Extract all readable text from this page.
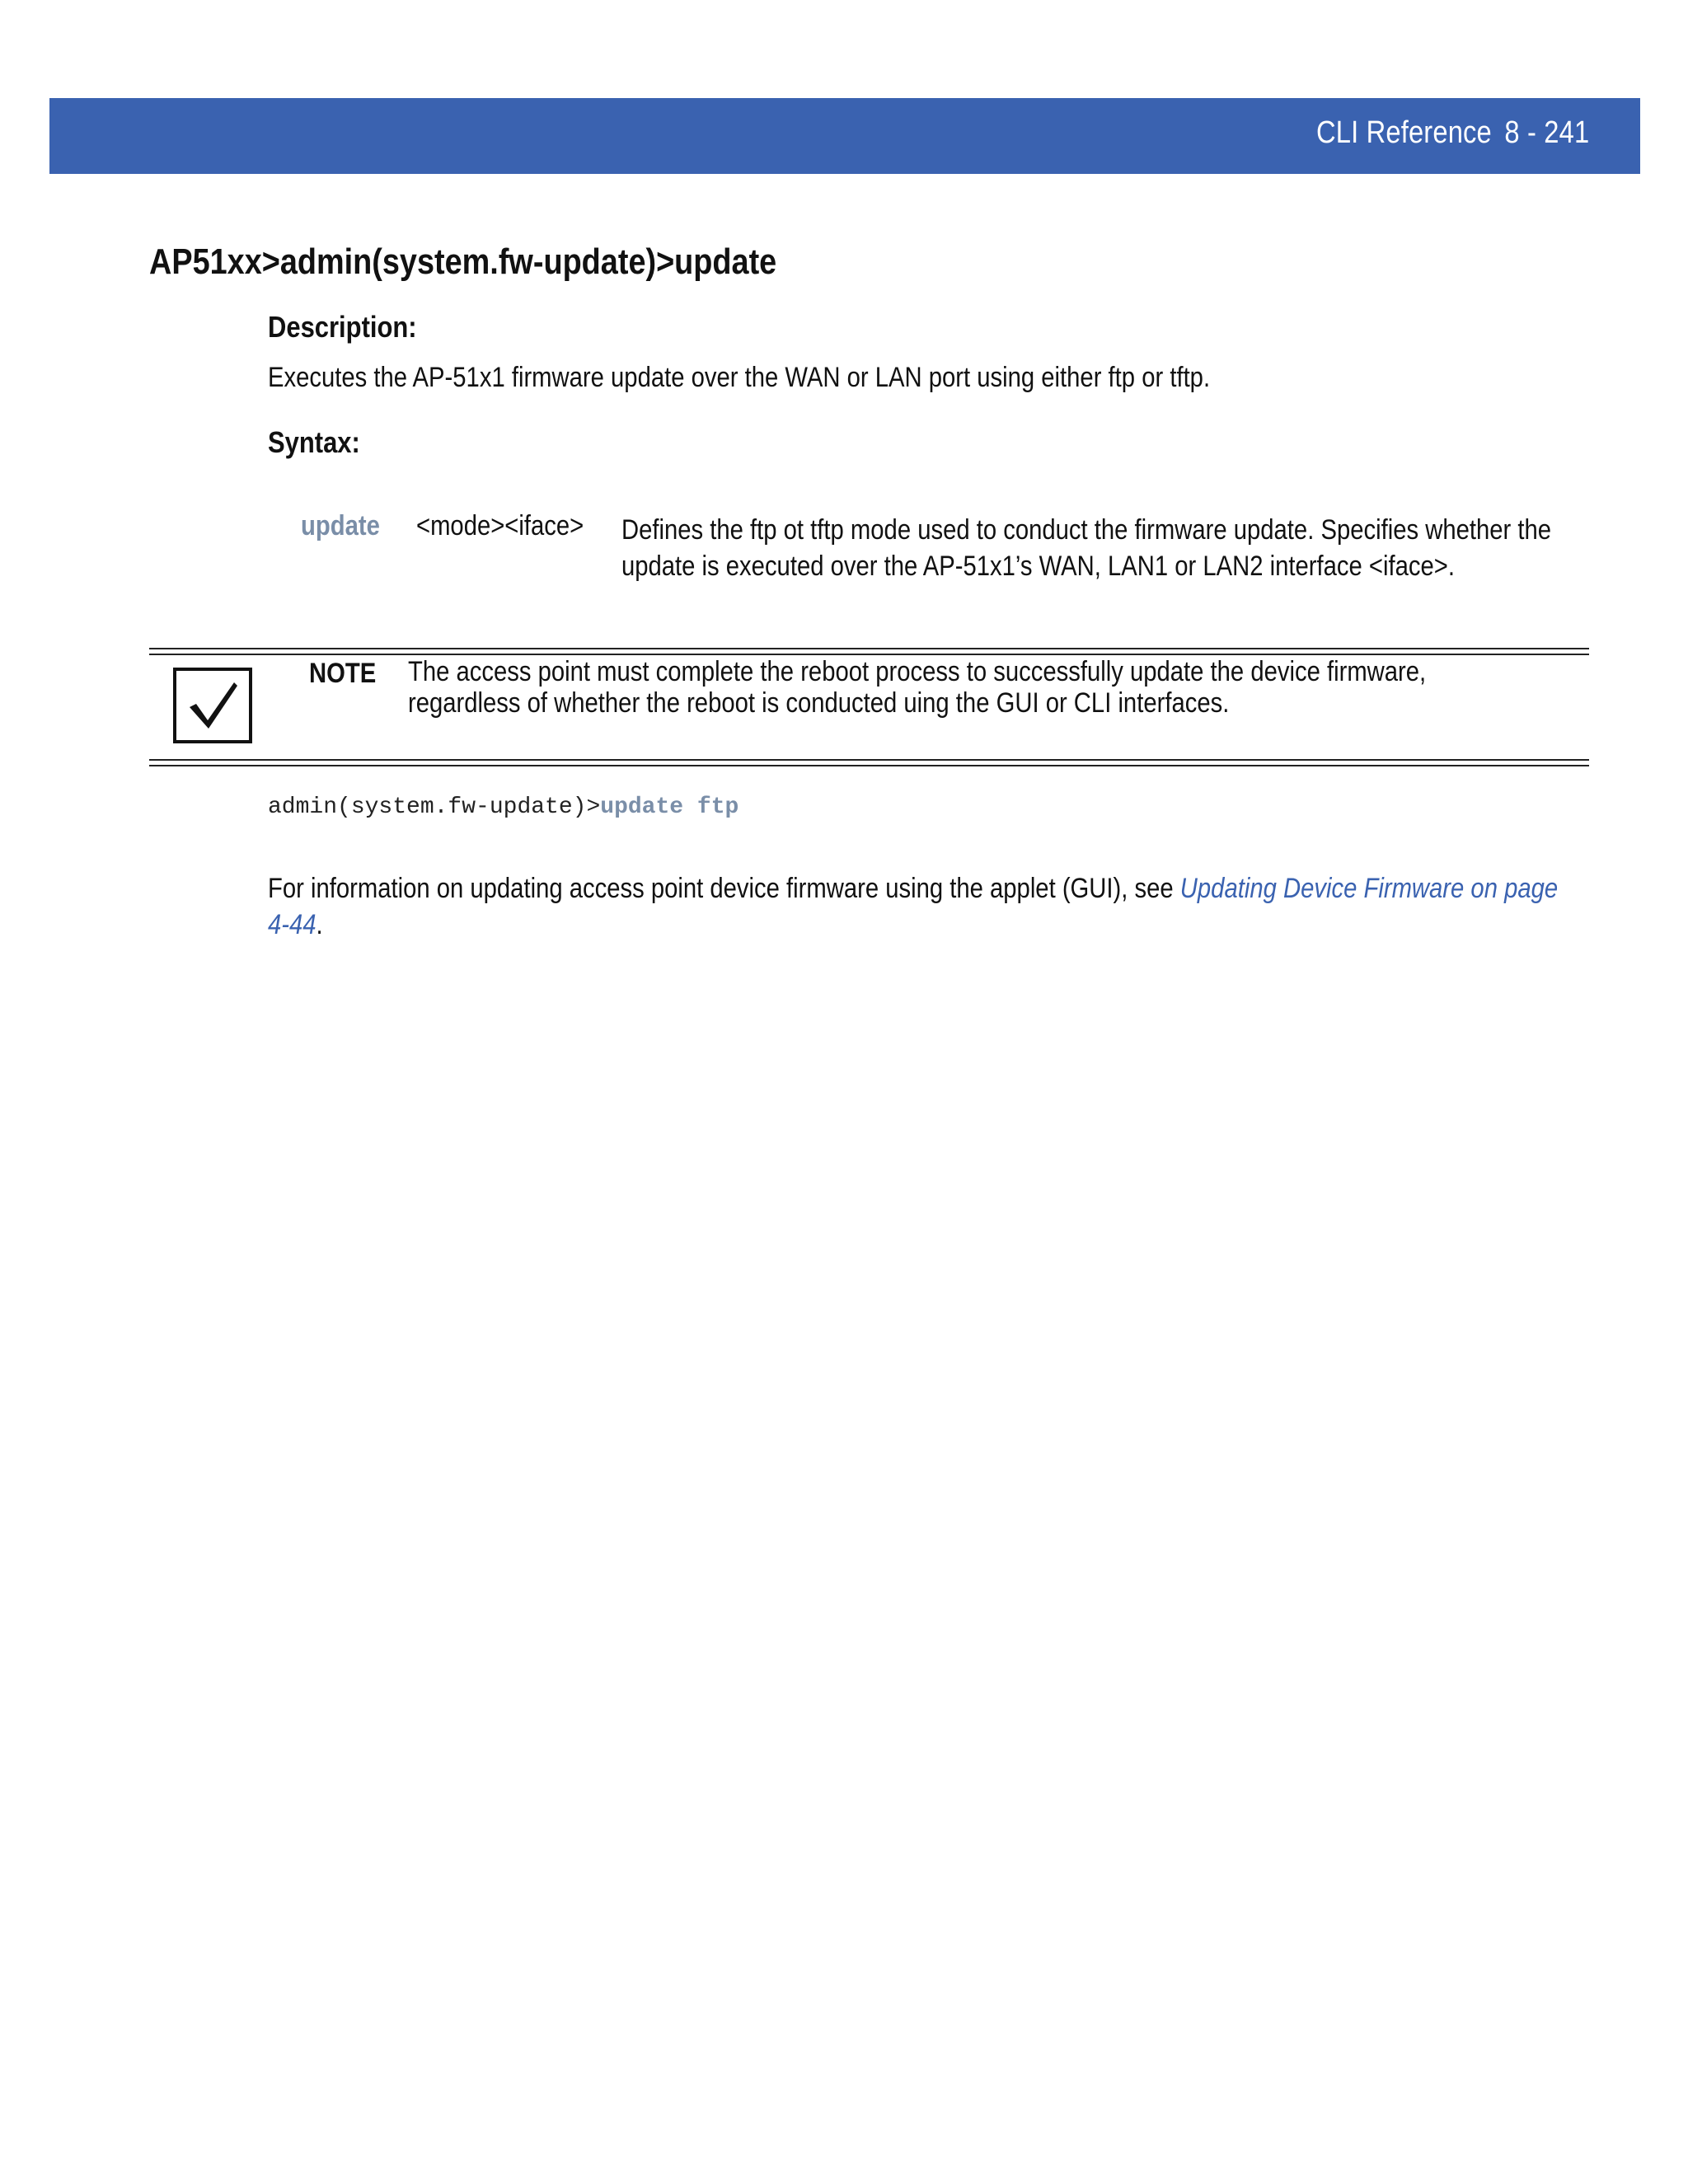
CLI Reference 8 - 241
AP51xx>admin(system.fw-update)>update
Description:
Executes the AP-51x1 firmware update over the WAN or LAN port using either ftp or tftp.
Syntax:
update <mode><iface> Defines the ftp ot tftp mode used to conduct the firmware update. Specifies whether the
update is executed over the AP-51x1’s WAN, LAN1 or LAN2 interface <iface>.
NOTE The access point must complete the reboot process to successfully update the device firmware,
regardless of whether the reboot is conducted uing the GUI or CLI interfaces.
admin(system.fw-update)>update ftp
For information on updating access point device firmware using the applet (GUI), see Updating Device Firmware on page
4-44.
